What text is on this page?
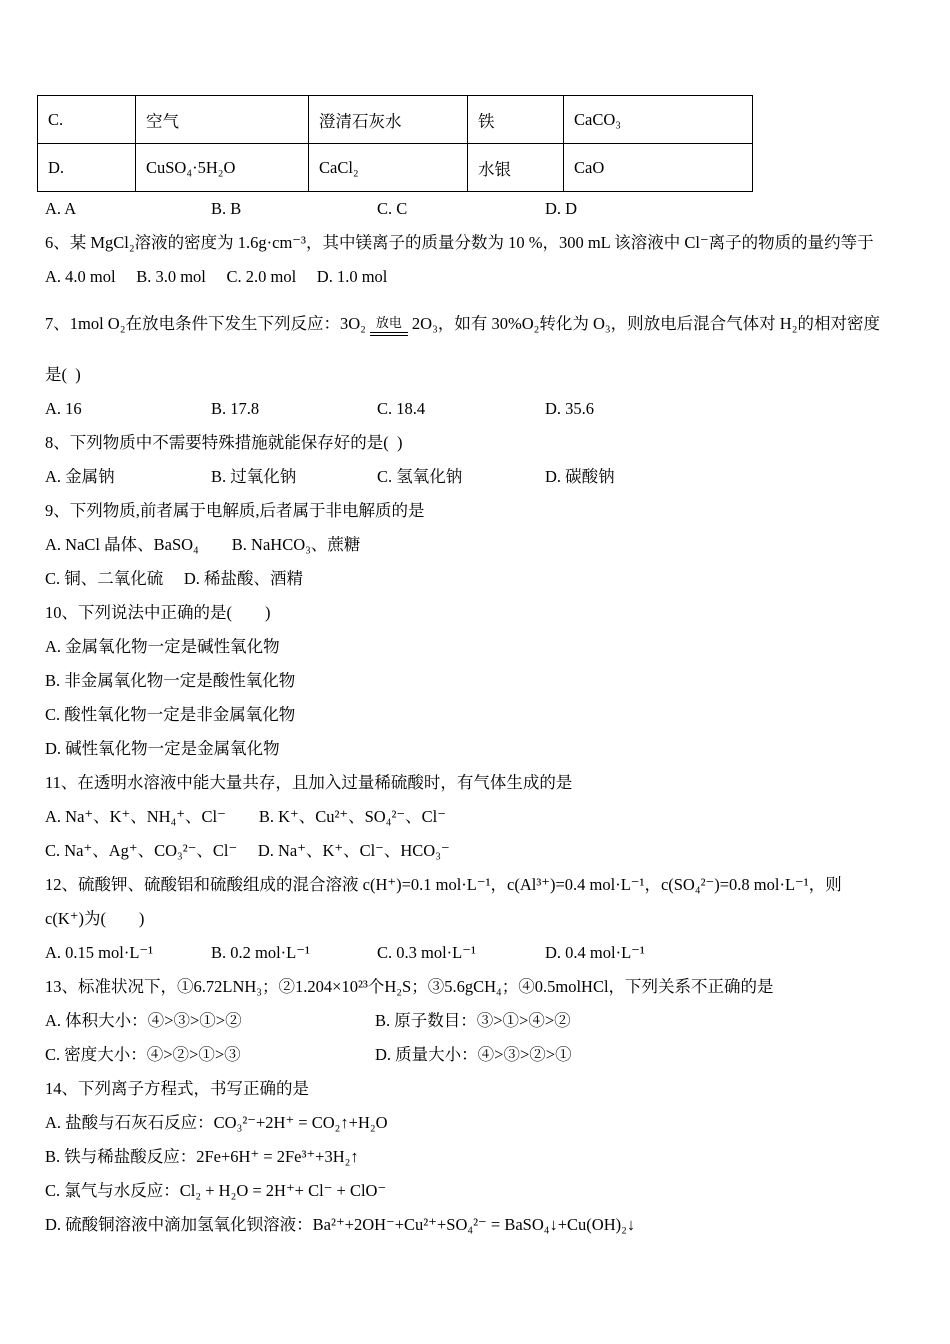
C.	空气	澄清石灰水	铁	CaCO₃
D.	CuSO₄·5H₂O	CaCl₂	水银	CaO
A. A	B. B	C. C	D. D
6、某 MgCl₂溶液的密度为 1.6g·cm⁻³，其中镁离子的质量分数为 10 %，300 mL 该溶液中 Cl⁻离子的物质的量约等于
A. 4.0 mol　 B. 3.0 mol　 C. 2.0 mol　 D. 1.0 mol
7、1mol O₂在放电条件下发生下列反应：3O₂ 放电 2O₃，如有 30%O₂转化为 O₃，则放电后混合气体对 H₂的相对密度
是(  )
A. 16	B. 17.8	C. 18.4	D. 35.6
8、下列物质中不需要特殊措施就能保存好的是(  )
A. 金属钠	B. 过氧化钠	C. 氢氧化钠	D. 碳酸钠
9、下列物质,前者属于电解质,后者属于非电解质的是
A. NaCl 晶体、BaSO₄　　B. NaHCO₃、蔗糖
C. 铜、二氧化硫　 D. 稀盐酸、酒精
10、下列说法中正确的是(　　)
A. 金属氧化物一定是碱性氧化物
B. 非金属氧化物一定是酸性氧化物
C. 酸性氧化物一定是非金属氧化物
D. 碱性氧化物一定是金属氧化物
11、在透明水溶液中能大量共存，且加入过量稀硫酸时，有气体生成的是
A. Na⁺、K⁺、NH₄⁺、Cl⁻　　B. K⁺、Cu²⁺、SO₄²⁻、Cl⁻
C. Na⁺、Ag⁺、CO₃²⁻、Cl⁻　 D. Na⁺、K⁺、Cl⁻、HCO₃⁻
12、硫酸钾、硫酸铝和硫酸组成的混合溶液 c(H⁺)=0.1 mol·L⁻¹，c(Al³⁺)=0.4 mol·L⁻¹，c(SO₄²⁻)=0.8 mol·L⁻¹，则
c(K⁺)为(　　)
A. 0.15 mol·L⁻¹	B. 0.2 mol·L⁻¹	C. 0.3 mol·L⁻¹	D. 0.4 mol·L⁻¹
13、标准状况下，①6.72LNH₃；②1.204×10²³个H₂S；③5.6gCH₄；④0.5molHCl，下列关系不正确的是
A. 体积大小：④>③>①>②	B. 原子数目：③>①>④>②
C. 密度大小：④>②>①>③	D. 质量大小：④>③>②>①
14、下列离子方程式，书写正确的是
A. 盐酸与石灰石反应：CO₃²⁻+2H⁺ = CO₂↑+H₂O
B. 铁与稀盐酸反应：2Fe+6H⁺ = 2Fe³⁺+3H₂↑
C. 氯气与水反应：Cl₂ + H₂O = 2H⁺+ Cl⁻ + ClO⁻
D. 硫酸铜溶液中滴加氢氧化钡溶液：Ba²⁺+2OH⁻+Cu²⁺+SO₄²⁻ = BaSO₄↓+Cu(OH)₂↓
